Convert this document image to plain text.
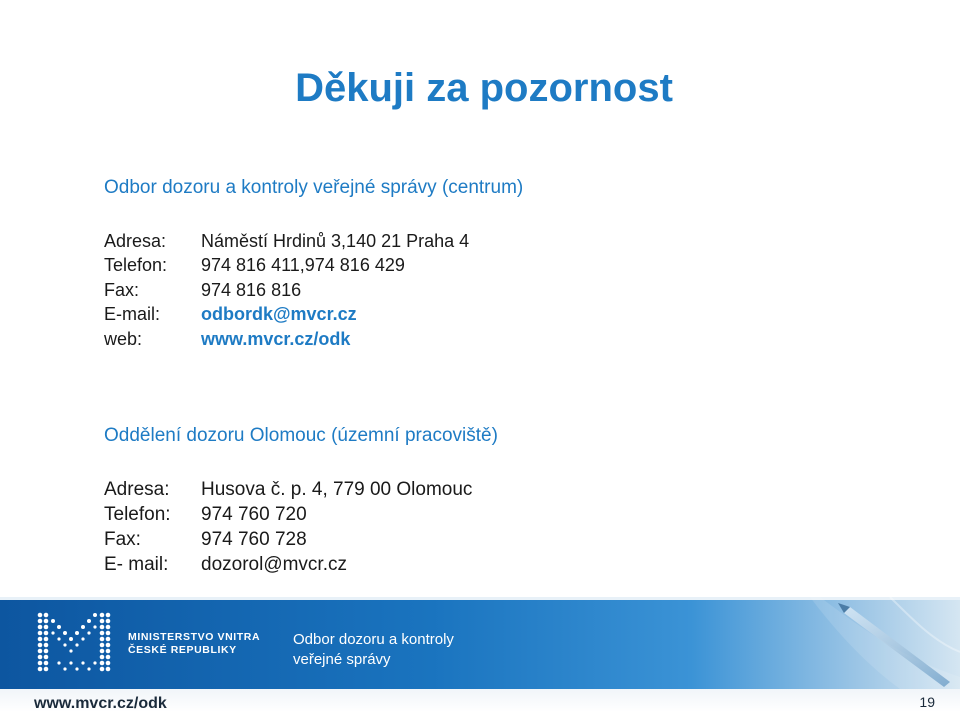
Děkuji za pozornost
Odbor dozoru a kontroly veřejné správy (centrum)
Adresa:	Náměstí Hrdinů 3,140 21 Praha 4
Telefon:	974 816 411,974 816 429
Fax:	974 816 816
E-mail:	odbordk@mvcr.cz
web:	www.mvcr.cz/odk
Oddělení dozoru Olomouc (územní pracoviště)
Adresa:	Husova č. p. 4, 779 00 Olomouc
Telefon:	974 760 720
Fax:	974 760 728
E- mail:	dozorol@mvcr.cz
MINISTERSTVO VNITRA
ČESKÉ REPUBLIKY
Odbor dozoru a kontroly
veřejné správy
www.mvcr.cz/odk	19
